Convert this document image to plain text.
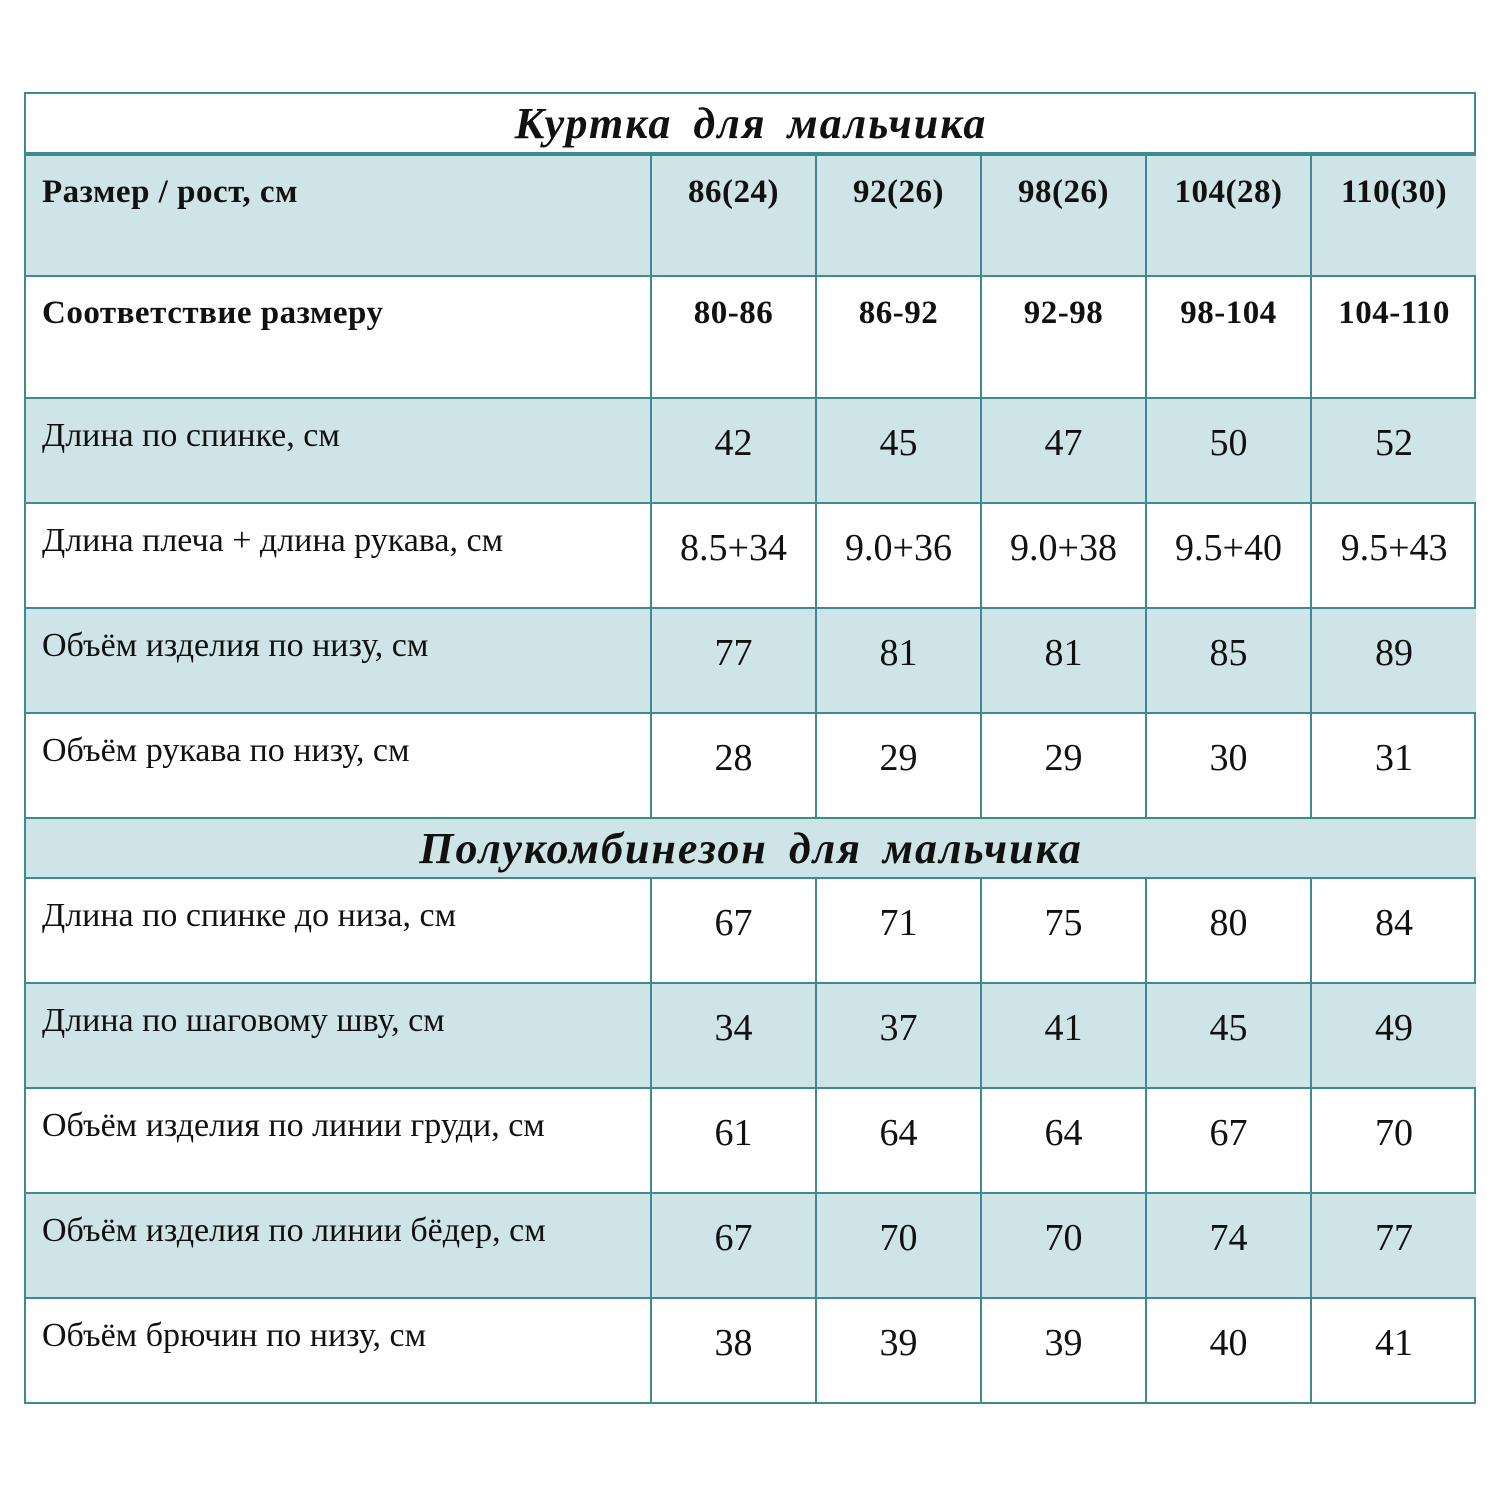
Куртка для мальчика					
Размер / рост, см	86(24)	92(26)	98(26)	104(28)	110(30)
Соответствие размеру	80-86	86-92	92-98	98-104	104-110
Длина по спинке, см	42	45	47	50	52
Длина плеча + длина рукава, см	8.5+34	9.0+36	9.0+38	9.5+40	9.5+43
Объём изделия по низу, см	77	81	81	85	89
Объём рукава по низу, см	28	29	29	30	31
Полукомбинезон для мальчика					
Длина по спинке до низа, см	67	71	75	80	84
Длина по шаговому шву, см	34	37	41	45	49
Объём изделия по линии груди, см	61	64	64	67	70
Объём изделия по линии бёдер, см	67	70	70	74	77
Объём брючин по низу, см	38	39	39	40	41
